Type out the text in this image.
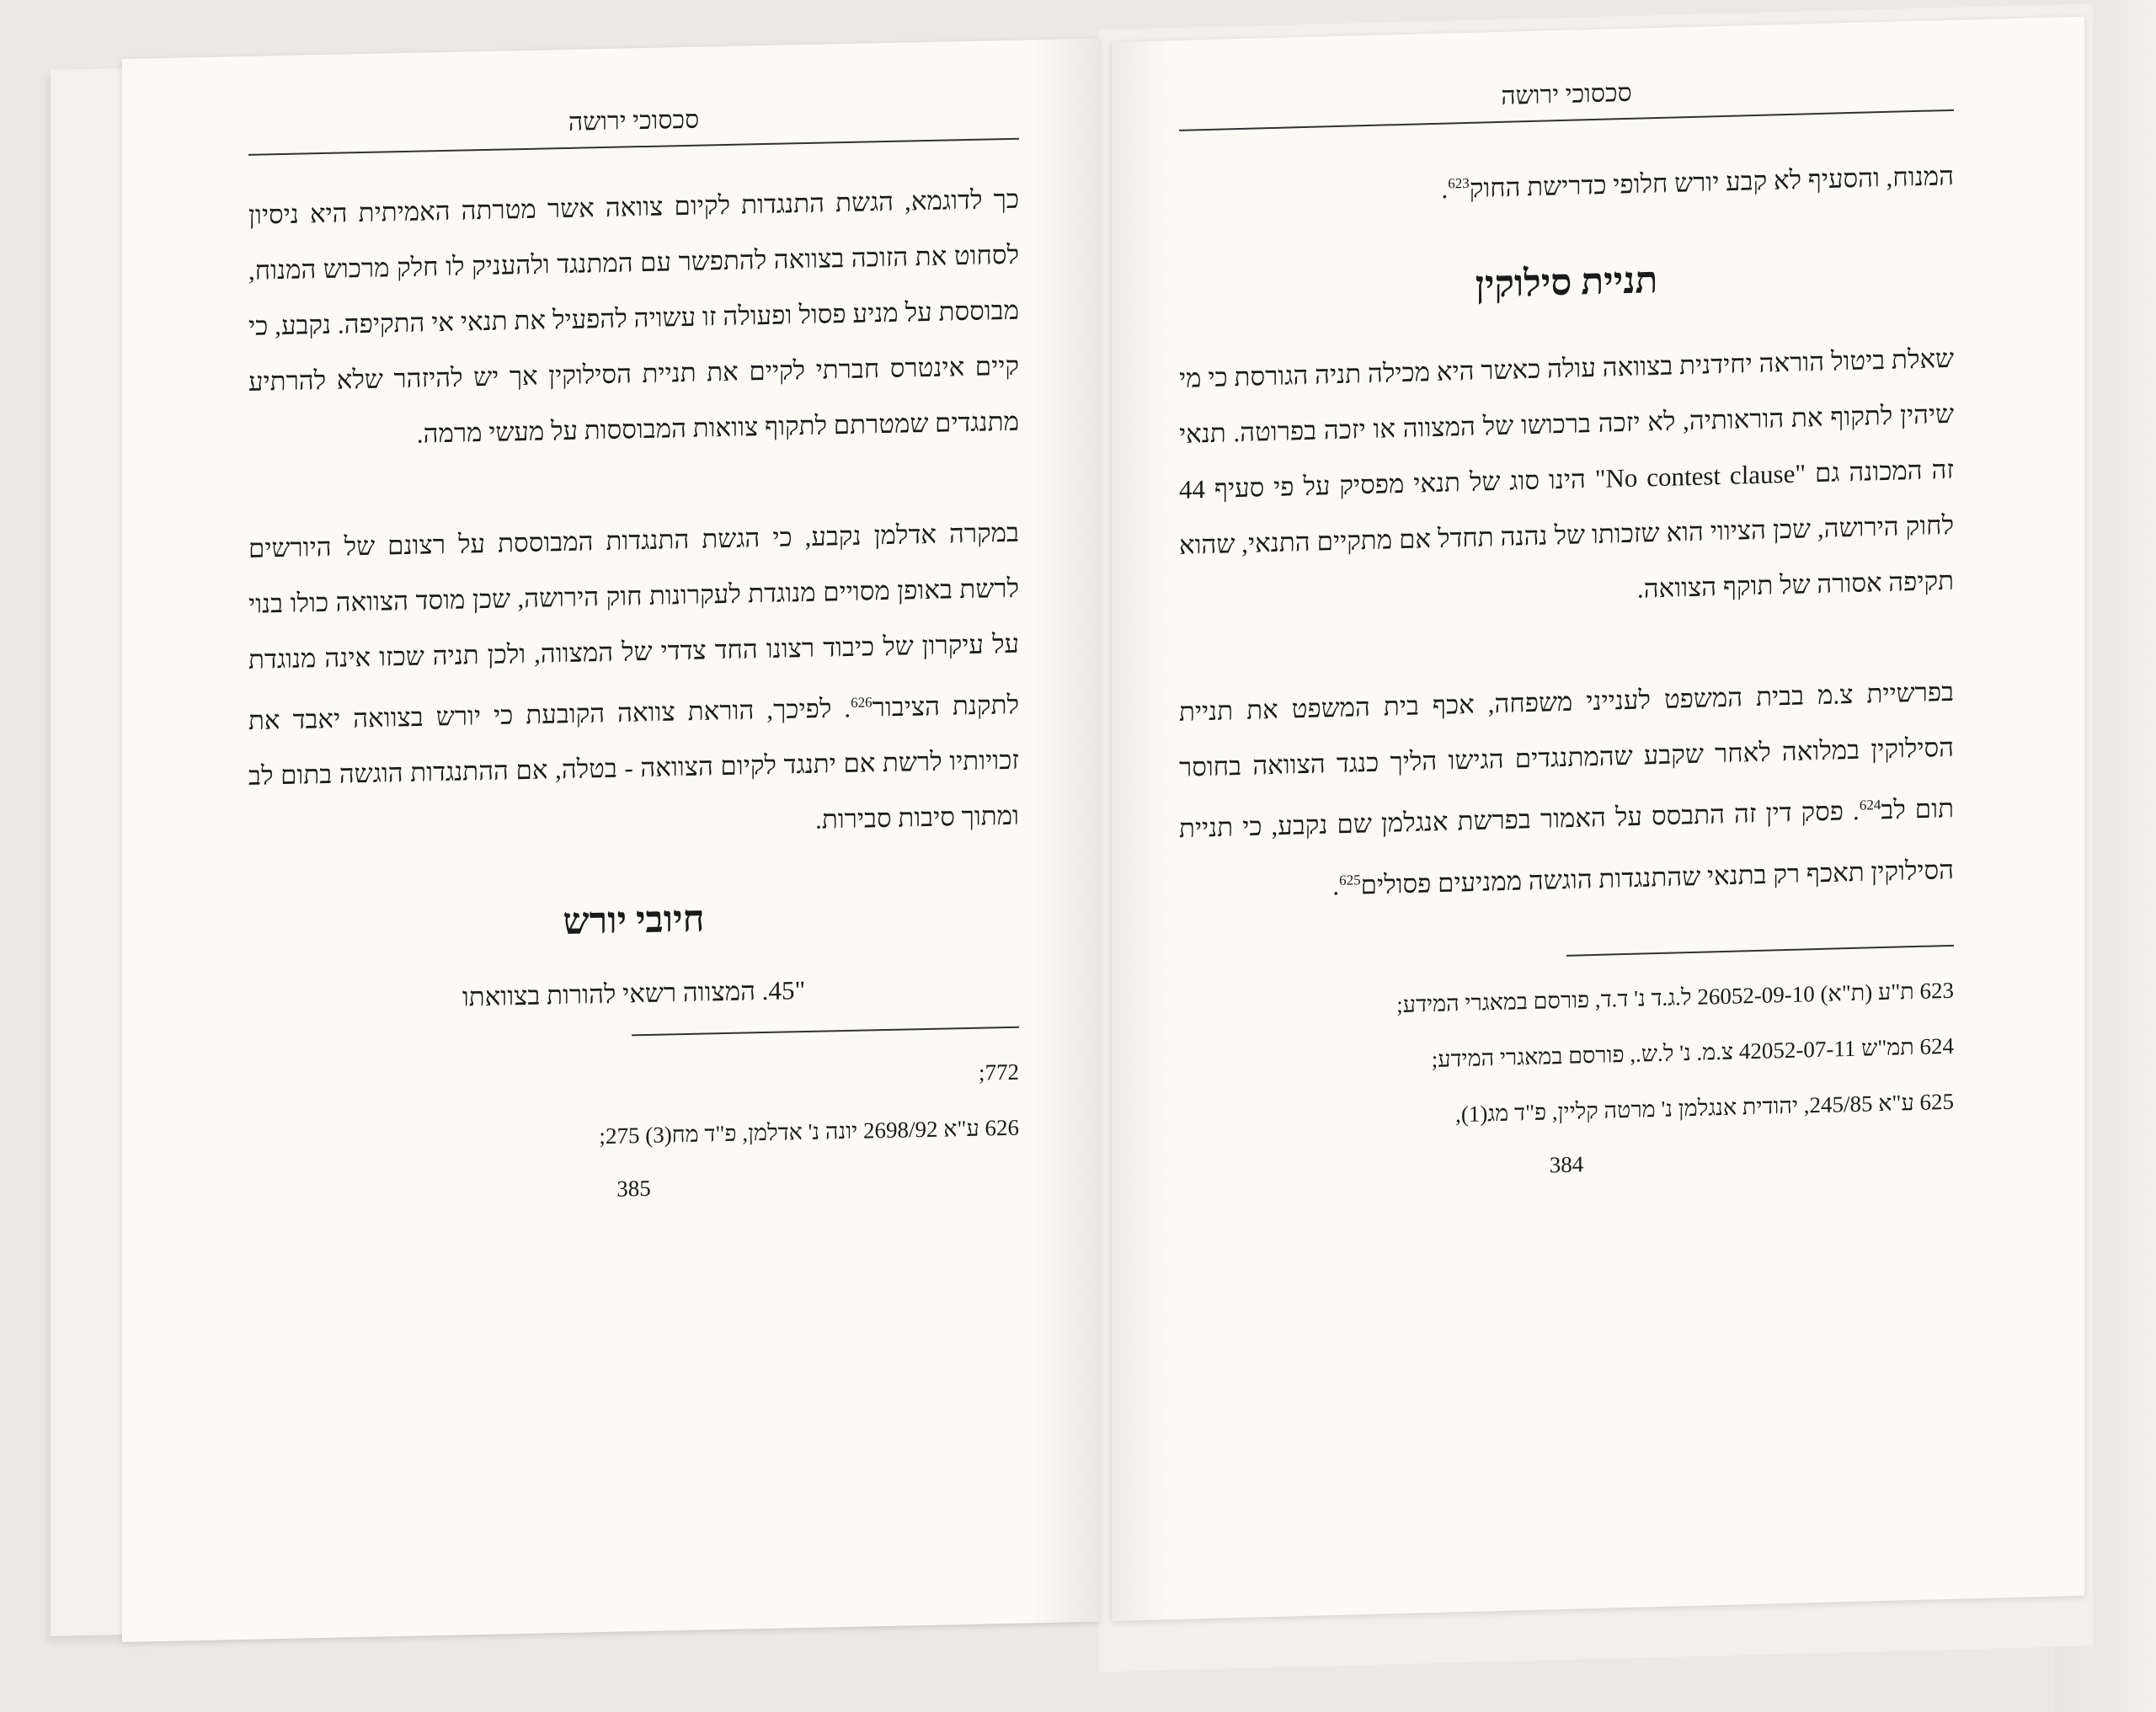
סכסוכי ירושה

כך לדוגמא, הגשת התנגדות לקיום צוואה אשר מטרתה האמיתית היא ניסיון לסחוט את הזוכה בצוואה להתפשר עם המתנגד ולהעניק לו חלק מרכוש המנוח, מבוססת על מניע פסול ופעולה זו עשויה להפעיל את תנאי אי התקיפה. נקבע, כי קיים אינטרס חברתי לקיים את תניית הסילוקין אך יש להיזהר שלא להרתיע מתנגדים שמטרתם לתקוף צוואות המבוססות על מעשי מרמה.

במקרה אדלמן נקבע, כי הגשת התנגדות המבוססת על רצונם של היורשים לרשת באופן מסויים מנוגדת לעקרונות חוק הירושה, שכן מוסד הצוואה כולו בנוי על עיקרון של כיבוד רצונו החד צדדי של המצווה, ולכן תניה שכזו אינה מנוגדת לתקנת הציבור$^{626}$. לפיכך, הוראת צוואה הקובעת כי יורש בצוואה יאבד את זכויותיו לרשת אם יתנגד לקיום הצוואה - בטלה, אם ההתנגדות הוגשה בתום לב ומתוך סיבות סבירות.

חיובי יורש
"45. המצווה רשאי להורות בצוואתו

772;

626 ע"א 2698/92 יונה נ' אדלמן, פ"ד מח(3) 275;

385
סכסוכי ירושה

המנוח, והסעיף לא קבע יורש חלופי כדרישת החוק$^{623}$.

תניית סילוקין

שאלת ביטול הוראה יחידנית בצוואה עולה כאשר היא מכילה תניה הגורסת כי מי שיהין לתקוף את הוראותיה, לא יזכה ברכושו של המצווה או יזכה בפרוטה. תנאי זה המכונה גם "No contest clause" הינו סוג של תנאי מפסיק על פי סעיף 44 לחוק הירושה, שכן הציווי הוא שזכותו של נהנה תחדל אם מתקיים התנאי, שהוא תקיפה אסורה של תוקף הצוואה.

בפרשיית צ.מ בבית המשפט לענייני משפחה, אכף בית המשפט את תניית הסילוקין במלואה לאחר שקבע שהמתנגדים הגישו הליך כנגד הצוואה בחוסר תום לב$^{624}$. פסק דין זה התבסס על האמור בפרשת אנגלמן שם נקבע, כי תניית הסילוקין תאכף רק בתנאי שהתנגדות הוגשה ממניעים פסולים$^{625}$.

623 ת"ע (ת"א) 26052-09-10 ל.ג.ד נ' ד.ד, פורסם במאגרי המידע;

624 תמ"ש 42052-07-11 צ.מ. נ' ל.ש., פורסם במאגרי המידע;

625 ע"א 245/85, יהודית אנגלמן נ' מרטה קליין, פ"ד מג(1),

384
